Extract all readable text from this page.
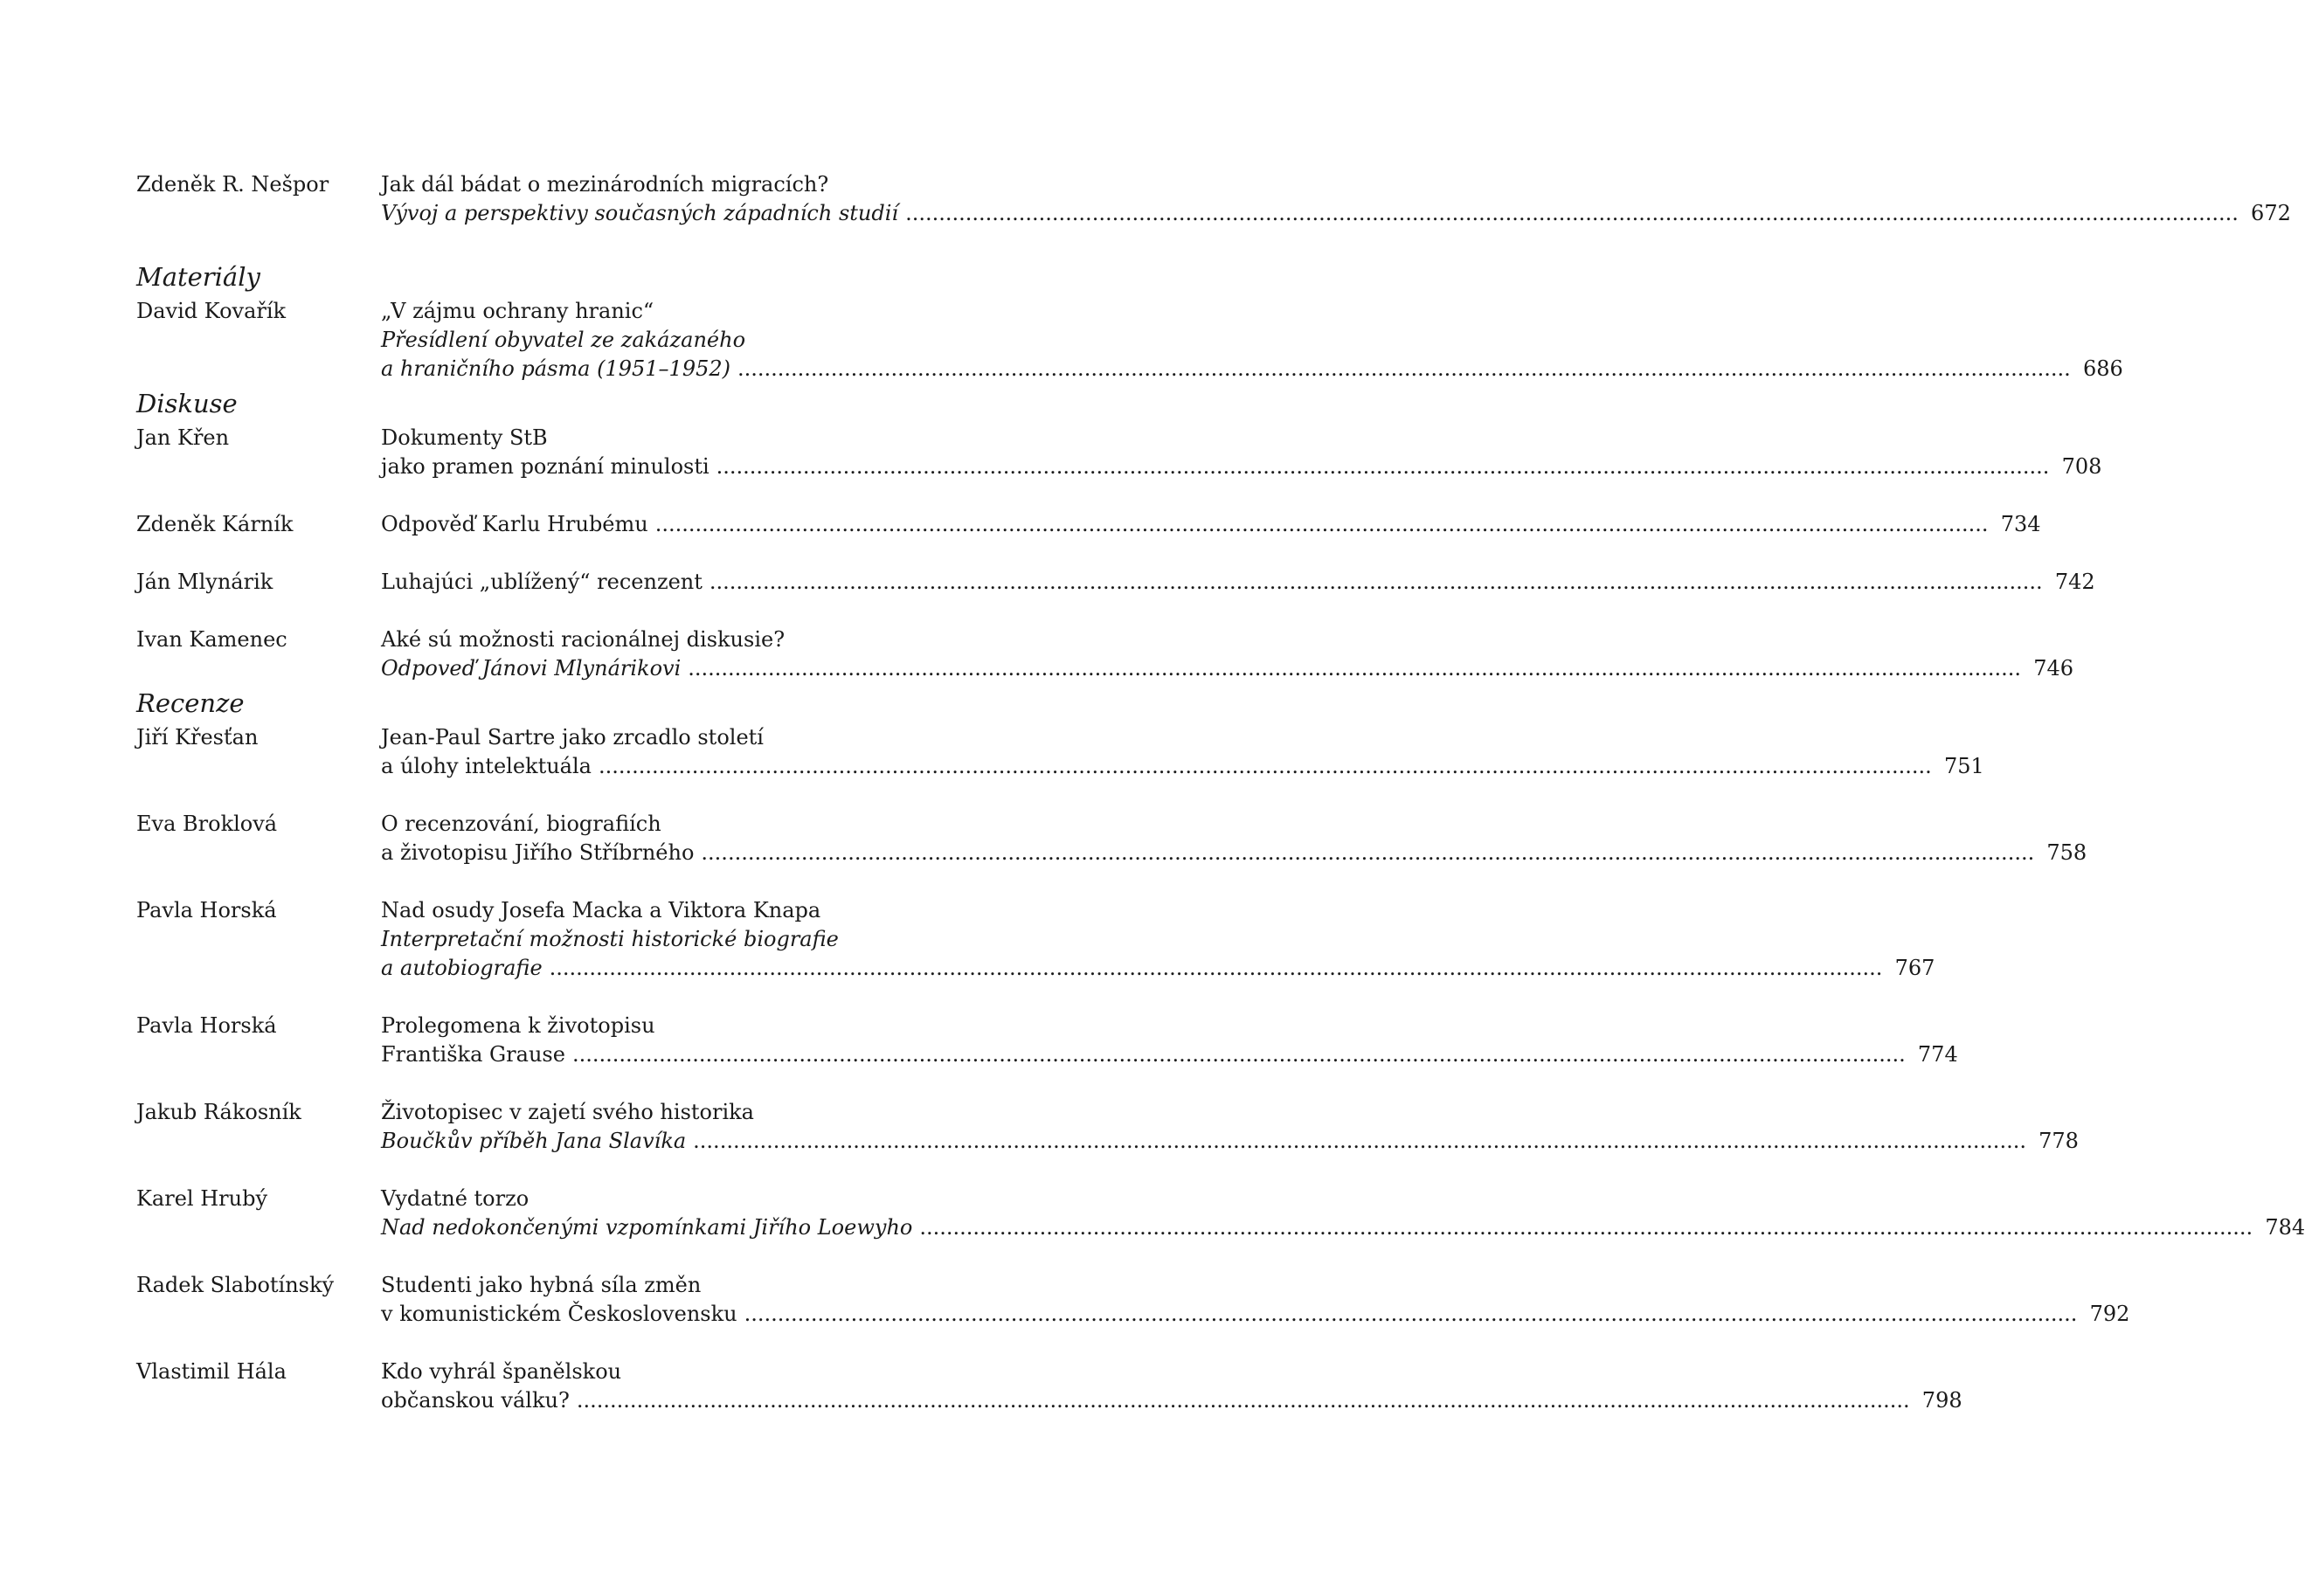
Zdeněk R. Nešpor	Jak dál bádat o mezinárodních migracích?
Vývoj a perspektivy současných západních studií .....	672
Materiály
David Kovařík	„V zájmu ochrany hranic“
Přesídlení obyvatel ze zakázaného
a hraničního pásma (1951–1952) .....	686
Diskuse
Jan Křen	Dokumenty StB
jako pramen poznání minulosti .....	708
Zdeněk Kárník	Odpověď Karlu Hrubému .....	734
Ján Mlynárik	Luhajúci „ublížený“ recenzent .....	742
Ivan Kamenec	Aké sú možnosti racionálnej diskusie?
Odpoveď Jánovi Mlynárikovi .....	746
Recenze
Jiří Křesťan	Jean-Paul Sartre jako zrcadlo století
a úlohy intelektuála .....	751
Eva Broklová	O recenzování, biografiích
a životopisu Jiřího Stříbrného .....	758
Pavla Horská	Nad osudy Josefa Macka a Viktora Knapa
Interpretační možnosti historické biografie
a autobiografie .....	767
Pavla Horská	Prolegomena k životopisu
Františka Grause .....	774
Jakub Rákosník	Životopisec v zajetí svého historika
Boučkův příběh Jana Slavíka .....	778
Karel Hrubý	Vydatné torzo
Nad nedokončenými vzpomínkami Jiřího Loewyho .....	784
Radek Slabotínský	Studenti jako hybná síla změn
v komunistickém Československu .....	792
Vlastimil Hála	Kdo vyhrál španělskou
občanskou válku? .....	798
